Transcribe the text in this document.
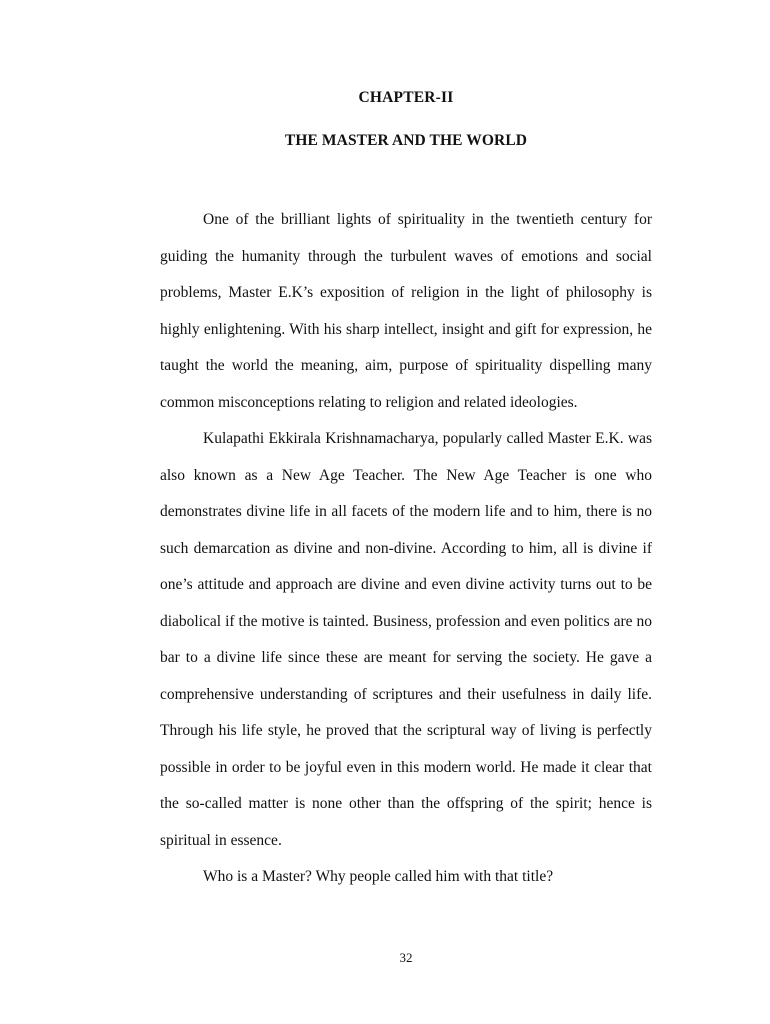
CHAPTER-II
THE MASTER AND THE WORLD

One of the brilliant lights of spirituality in the twentieth century for guiding the humanity through the turbulent waves of emotions and social problems, Master E.K’s exposition of religion in the light of philosophy is highly enlightening. With his sharp intellect, insight and gift for expression, he taught the world the meaning, aim, purpose of spirituality dispelling many common misconceptions relating to religion and related ideologies.

Kulapathi Ekkirala Krishnamacharya, popularly called Master E.K. was also known as a New Age Teacher. The New Age Teacher is one who demonstrates divine life in all facets of the modern life and to him, there is no such demarcation as divine and non-divine. According to him, all is divine if one’s attitude and approach are divine and even divine activity turns out to be diabolical if the motive is tainted. Business, profession and even politics are no bar to a divine life since these are meant for serving the society. He gave a comprehensive understanding of scriptures and their usefulness in daily life. Through his life style, he proved that the scriptural way of living is perfectly possible in order to be joyful even in this modern world. He made it clear that the so-called matter is none other than the offspring of the spirit; hence is spiritual in essence.

Who is a Master? Why people called him with that title?

32
